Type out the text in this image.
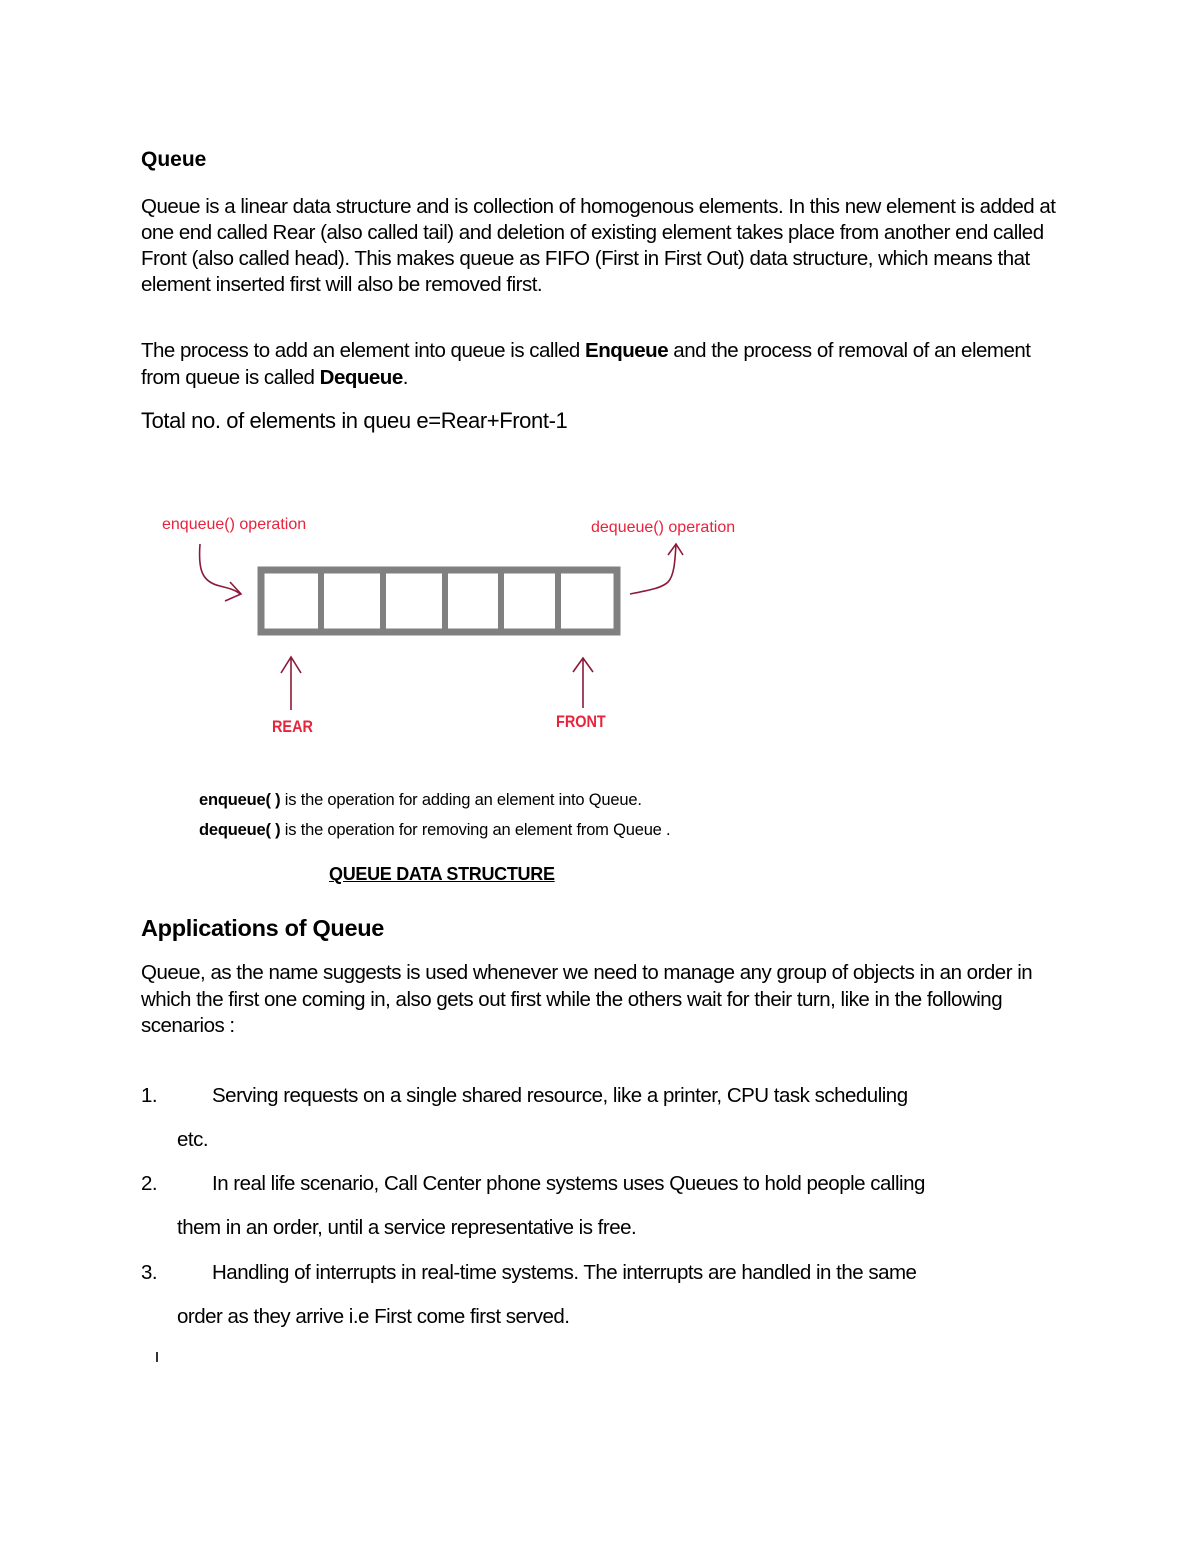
Queue
Queue is a linear data structure and is collection of homogenous elements. In this new element is added at one end called Rear (also called tail) and deletion of existing element takes place from another end called Front (also called head). This makes queue as FIFO (First in First Out) data structure, which means that element inserted first will also be removed first.
The process to add an element into queue is called Enqueue and the process of removal of an element from queue is called Dequeue.
Total no. of elements in queu e=Rear+Front-1
enqueue() operation	dequeue() operation
REAR	FRONT
enqueue( ) is the operation for adding an element into Queue.
dequeue( ) is the operation for removing an element from Queue .
QUEUE DATA STRUCTURE
Applications of Queue
Queue, as the name suggests is used whenever we need to manage any group of objects in an order in which the first one coming in, also gets out first while the others wait for their turn, like in the following scenarios :
1.	Serving requests on a single shared resource, like a printer, CPU task scheduling
etc.
2.	In real life scenario, Call Center phone systems uses Queues to hold people calling
them in an order, until a service representative is free.
3.	Handling of interrupts in real-time systems. The interrupts are handled in the same
order as they arrive i.e First come first served.
